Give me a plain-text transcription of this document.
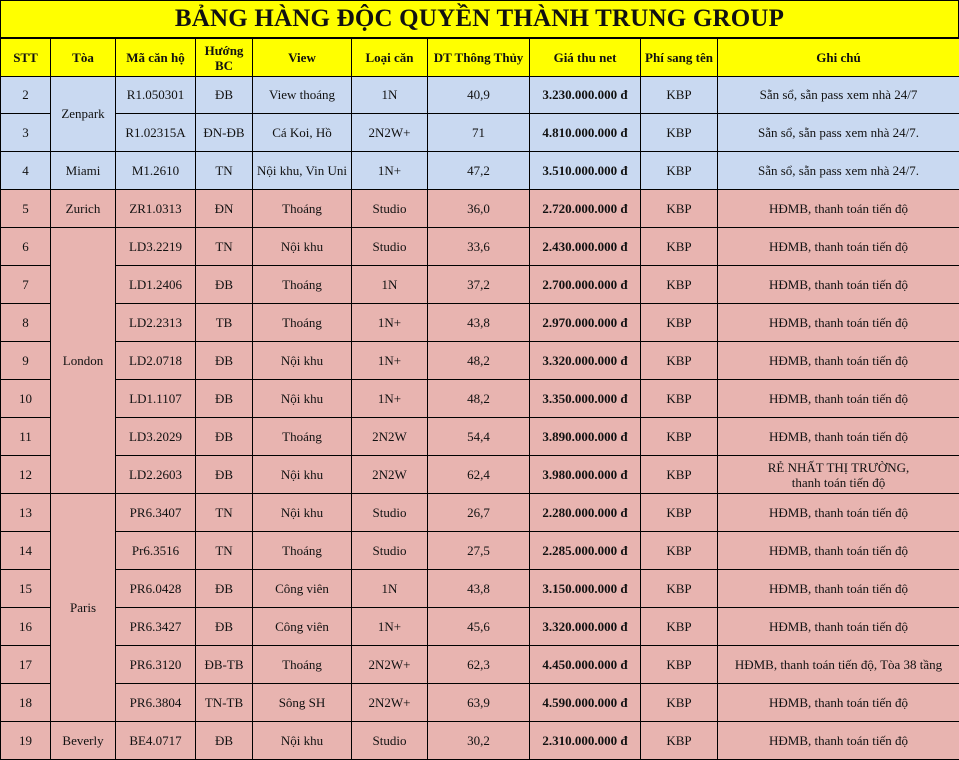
BẢNG HÀNG ĐỘC QUYỀN THÀNH TRUNG GROUP
STT	Tòa	Mã căn hộ	Hướng BC	View	Loại căn	DT Thông Thủy	Giá thu net	Phí sang tên	Ghi chú
2	Zenpark	R1.050301	ĐB	View thoáng	1N	40,9	3.230.000.000 đ	KBP	Sẵn sổ, sẵn pass xem nhà 24/7
3		R1.02315A	ĐN-ĐB	Cá Koi, Hồ	2N2W+	71	4.810.000.000 đ	KBP	Sẵn sổ, sẵn pass xem nhà 24/7.
4	Miami	M1.2610	TN	Nội khu, Vin Uni	1N+	47,2	3.510.000.000 đ	KBP	Sẵn sổ, sẵn pass xem nhà 24/7.
5	Zurich	ZR1.0313	ĐN	Thoáng	Studio	36,0	2.720.000.000 đ	KBP	HĐMB, thanh toán tiến độ
6	London	LD3.2219	TN	Nội khu	Studio	33,6	2.430.000.000 đ	KBP	HĐMB, thanh toán tiến độ
7		LD1.2406	ĐB	Thoáng	1N	37,2	2.700.000.000 đ	KBP	HĐMB, thanh toán tiến độ
8		LD2.2313	TB	Thoáng	1N+	43,8	2.970.000.000 đ	KBP	HĐMB, thanh toán tiến độ
9		LD2.0718	ĐB	Nội khu	1N+	48,2	3.320.000.000 đ	KBP	HĐMB, thanh toán tiến độ
10		LD1.1107	ĐB	Nội khu	1N+	48,2	3.350.000.000 đ	KBP	HĐMB, thanh toán tiến độ
11		LD3.2029	ĐB	Thoáng	2N2W	54,4	3.890.000.000 đ	KBP	HĐMB, thanh toán tiến độ
12		LD2.2603	ĐB	Nội khu	2N2W	62,4	3.980.000.000 đ	KBP	RẺ NHẤT THỊ TRƯỜNG,
thanh toán tiến độ

13	Paris	PR6.3407	TN	Nội khu	Studio	26,7	2.280.000.000 đ	KBP	HĐMB, thanh toán tiến độ
14		Pr6.3516	TN	Thoáng	Studio	27,5	2.285.000.000 đ	KBP	HĐMB, thanh toán tiến độ
15		PR6.0428	ĐB	Công viên	1N	43,8	3.150.000.000 đ	KBP	HĐMB, thanh toán tiến độ
16		PR6.3427	ĐB	Công viên	1N+	45,6	3.320.000.000 đ	KBP	HĐMB, thanh toán tiến độ
17		PR6.3120	ĐB-TB	Thoáng	2N2W+	62,3	4.450.000.000 đ	KBP	HĐMB, thanh toán tiến độ, Tòa 38 tầng
18		PR6.3804	TN-TB	Sông SH	2N2W+	63,9	4.590.000.000 đ	KBP	HĐMB, thanh toán tiến độ
19	Beverly	BE4.0717	ĐB	Nội khu	Studio	30,2	2.310.000.000 đ	KBP	HĐMB, thanh toán tiến độ
